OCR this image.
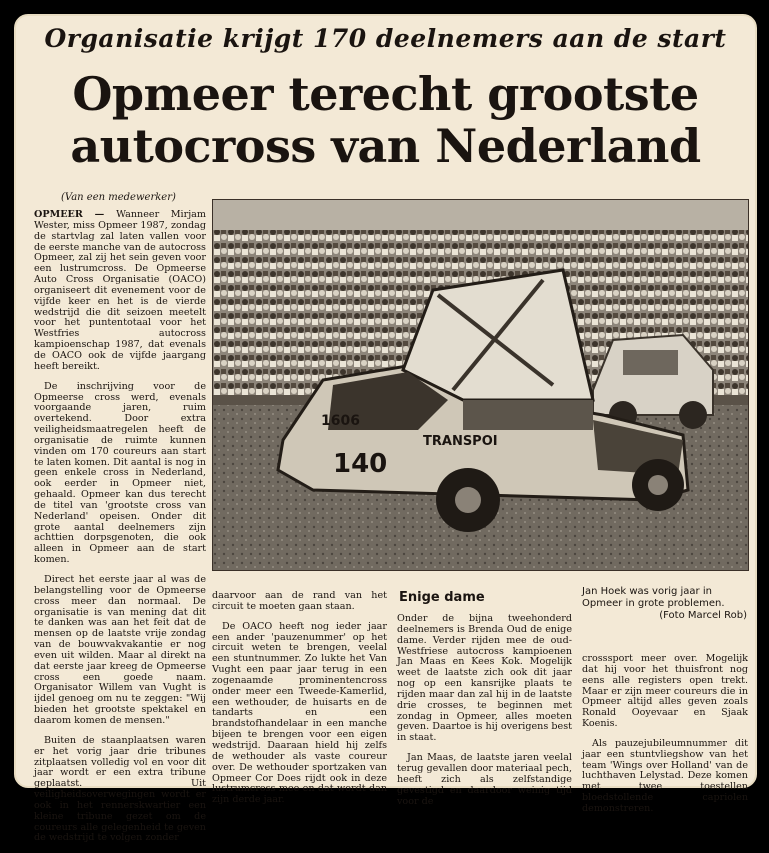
Organisatie krijgt 170 deelnemers aan de start
Opmeer terecht grootste
autocross van Nederland
(Van een medewerker)

OPMEER — Wanneer Mirjam Wester, miss Opmeer 1987, zondag de startvlag zal laten vallen voor de eerste manche van de autocross Opmeer, zal zij het sein geven voor een lustrumcross. De Opmeerse Auto Cross Organisatie (OACO) organiseert dit evenement voor de vijfde keer en het is de vierde wedstrijd die dit seizoen meetelt voor het puntentotaal voor het Westfries autocross kampioenschap 1987, dat evenals de OACO ook de vijfde jaargang heeft bereikt.

De inschrijving voor de Opmeerse cross werd, evenals voorgaande jaren, ruim overtekend. Door extra veiligheidsmaatregelen heeft de organisatie de ruimte kunnen vinden om 170 coureurs aan start te laten komen. Dit aantal is nog in geen enkele cross in Nederland, ook eerder in Opmeer niet, gehaald. Opmeer kan dus terecht de titel van 'grootste cross van Nederland' opeisen. Onder dit grote aantal deelnemers zijn achttien dorpsgenoten, die ook alleen in Opmeer aan de start komen.

Direct het eerste jaar al was de belangstelling voor de Opmeerse cross meer dan normaal. De organisatie is van mening dat dit te danken was aan het feit dat de mensen op de laatste vrije zondag van de bouwvakvakantie er nog even uit wilden. Maar al direkt na dat eerste jaar kreeg de Opmeerse cross een goede naam. Organisator Willem van Vught is ijdel genoeg om nu te zeggen: "Wij bieden het grootste spektakel en daarom komen de mensen."

Buiten de staanplaatsen waren er het vorig jaar drie tribunes zitplaatsen volledig vol en voor dit jaar wordt er een extra tribune geplaatst. Uit veiligheidsoverwegingen wordt er ook in het rennerskwartier een kleine tribune gezet om de coureurs alle gelegenheid te geven de wedstrijd te volgen zonder

1606
140
TRANSPOI

daarvoor aan de rand van het circuit te moeten gaan staan.

De OACO heeft nog ieder jaar een ander 'pauzenummer' op het circuit weten te brengen, veelal een stuntnummer. Zo lukte het Van Vught een paar jaar terug in een zogenaamde prominentencross onder meer een Tweede-Kamerlid, een wethouder, de huisarts en de tandarts en een brandstofhandelaar in een manche bijeen te brengen voor een eigen wedstrijd. Daaraan hield hij zelfs de wethouder als vaste coureur over. De wethouder sportzaken van Opmeer Cor Does rijdt ook in deze lustrumcross mee en dat wordt dan zijn derde jaar.

Enige dame

Onder de bijna tweehonderd deelnemers is Brenda Oud de enige dame. Verder rijden mee de oud-Westfriese autocross kampioenen Jan Maas en Kees Kok. Mogelijk weet de laatste zich ook dit jaar nog op een kansrijke plaats te rijden maar dan zal hij in de laatste drie crosses, te beginnen met zondag in Opmeer, alles moeten geven. Daartoe is hij overigens best in staat.

Jan Maas, de laatste jaren veelal terug gevallen door materiaal pech, heeft zich als zelfstandige gevestigd en daardoor weinig tijd voor de

Jan Hoek was vorig jaar in Opmeer in grote problemen.
(Foto Marcel Rob)

crosssport meer over. Mogelijk dat hij voor het thuisfront nog eens alle registers open trekt. Maar er zijn meer coureurs die in Opmeer altijd alles geven zoals Ronald Ooyevaar en Sjaak Koenis.

Als pauzejubileumnummer dit jaar een stuntvliegshow van het team 'Wings over Holland' van de luchthaven Lelystad. Deze komen met twee toestellen bloedstollende capriolen demonstreren.
